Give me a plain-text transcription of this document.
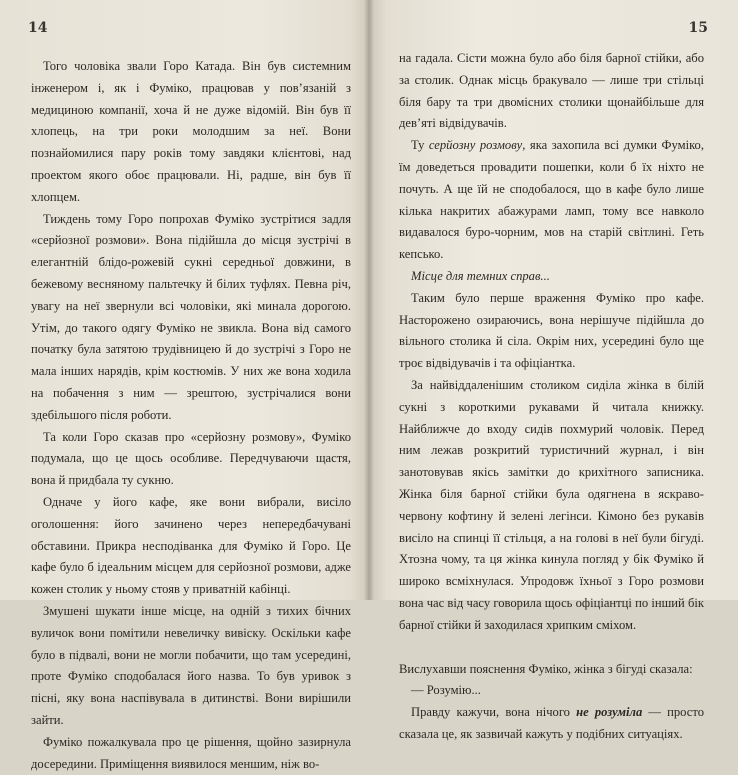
14

Того чоловіка звали Горо Катада. Він був системним інженером і, як і Фуміко, працював у пов’язаній з медициною компанії, хоча й не дуже відомій. Він був її хлопець, на три роки молодшим за неї. Вони познайомилися пару років тому завдяки клієнтові, над проектом якого обоє працювали. Ні, радше, він був її хлопцем.

Тиждень тому Горо попрохав Фуміко зустрітися задля «серйозної розмови». Вона підійшла до місця зустрічі в елегантній блідо-рожевій сукні середньої довжини, в бежевому весняному пальтечку й білих туфлях. Певна річ, увагу на неї звернули всі чоловіки, які минала дорогою. Утім, до такого одягу Фуміко не звикла. Вона від самого початку була затятою трудівницею й до зустрічі з Горо не мала інших нарядів, крім костюмів. У них же вона ходила на побачення з ним — зрештою, зустрічалися вони здебільшого після роботи.

Та коли Горо сказав про «серйозну розмову», Фуміко подумала, що це щось особливе. Передчуваючи щастя, вона й придбала ту сукню.

Одначе у його кафе, яке вони вибрали, висіло оголошення: його зачинено через непередбачувані обставини. Прикра несподіванка для Фуміко й Горо. Це кафе було б ідеальним місцем для серйозної розмови, адже кожен столик у ньому стояв у приватній кабінці.

Змушені шукати інше місце, на одній з тихих бічних вуличок вони помітили невеличку вивіску. Оскільки кафе було в підвалі, вони не могли побачити, що там усередині, проте Фуміко сподобалася його назва. То був уривок з пісні, яку вона наспівувала в дитинстві. Вони вирішили зайти.

Фуміко пожалкувала про це рішення, щойно зазирнула досередини. Приміщення виявилося меншим, ніж во-

15

на гадала. Сісти можна було або біля барної стійки, або за столик. Однак місць бракувало — лише три стільці біля бару та три двомісних столики щонайбільше для дев’яті відвідувачів.

Ту серйозну розмову, яка захопила всі думки Фуміко, їм доведеться провадити пошепки, коли б їх ніхто не почуть. А ще їй не сподобалося, що в кафе було лише кілька накритих абажурами ламп, тому все навколо видавалося буро-чорним, мов на старій світлині. Геть кепсько.

Місце для темних справ...

Таким було перше враження Фуміко про кафе. Настороженo озираючись, вона нерішуче підійшла до вільного столика й сіла. Окрім них, усередині було ще троє відвідувачів і та офіціантка.

За найвіддаленішим столиком сиділа жінка в білій сукні з короткими рукавами й читала книжку. Найближче до входу сидів похмурий чоловік. Перед ним лежав розкритий туристичний журнал, і він занотовував якісь замітки до крихітного записника. Жінка біля барної стійки була одягнена в яскраво-червону кофтину й зелені легінси. Кімоно без рукавів висіло на спинці її стільця, а на голові в неї були бігуді. Хтозна чому, та ця жінка кинула погляд у бік Фуміко й широко всміхнулася. Упродовж їхньої з Горо розмови вона час від часу говорила щось офіціантці по інший бік барної стійки й заходилася хрипким сміхом.

Вислухавши пояснення Фуміко, жінка з бігуді сказала:

— Розумію...

Правду кажучи, вона нічого не розуміла — просто сказала це, як зазвичай кажуть у подібних ситуаціях.
